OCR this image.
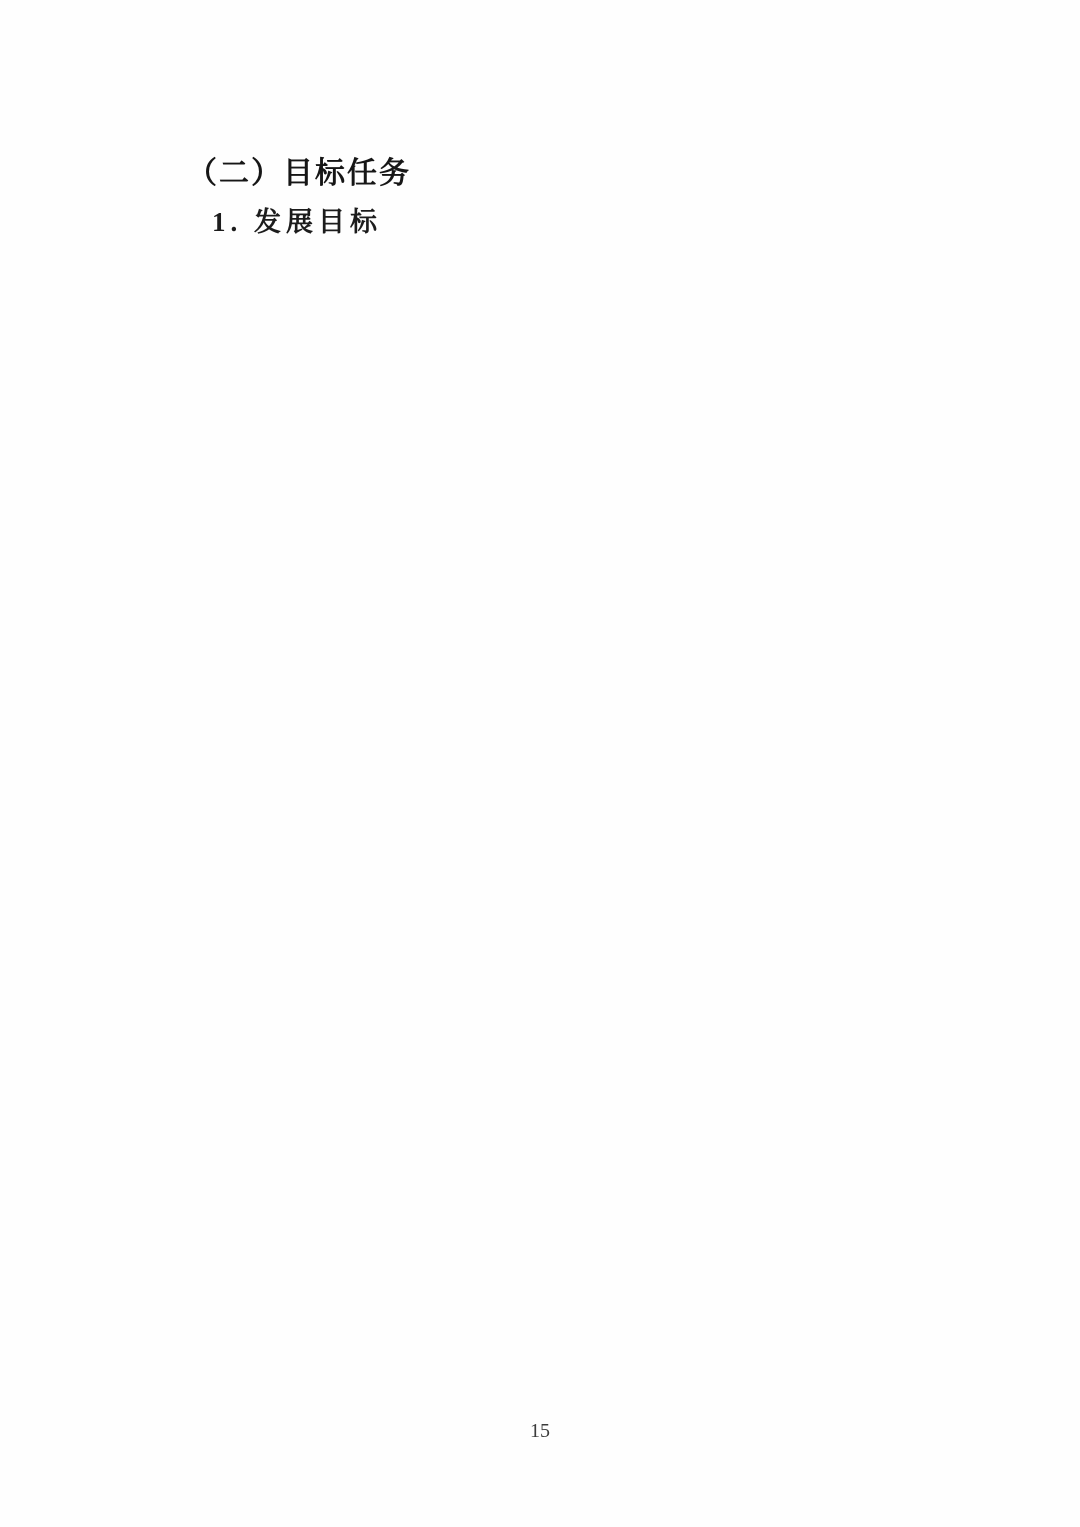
（二）目标任务
1. 发展目标
15
